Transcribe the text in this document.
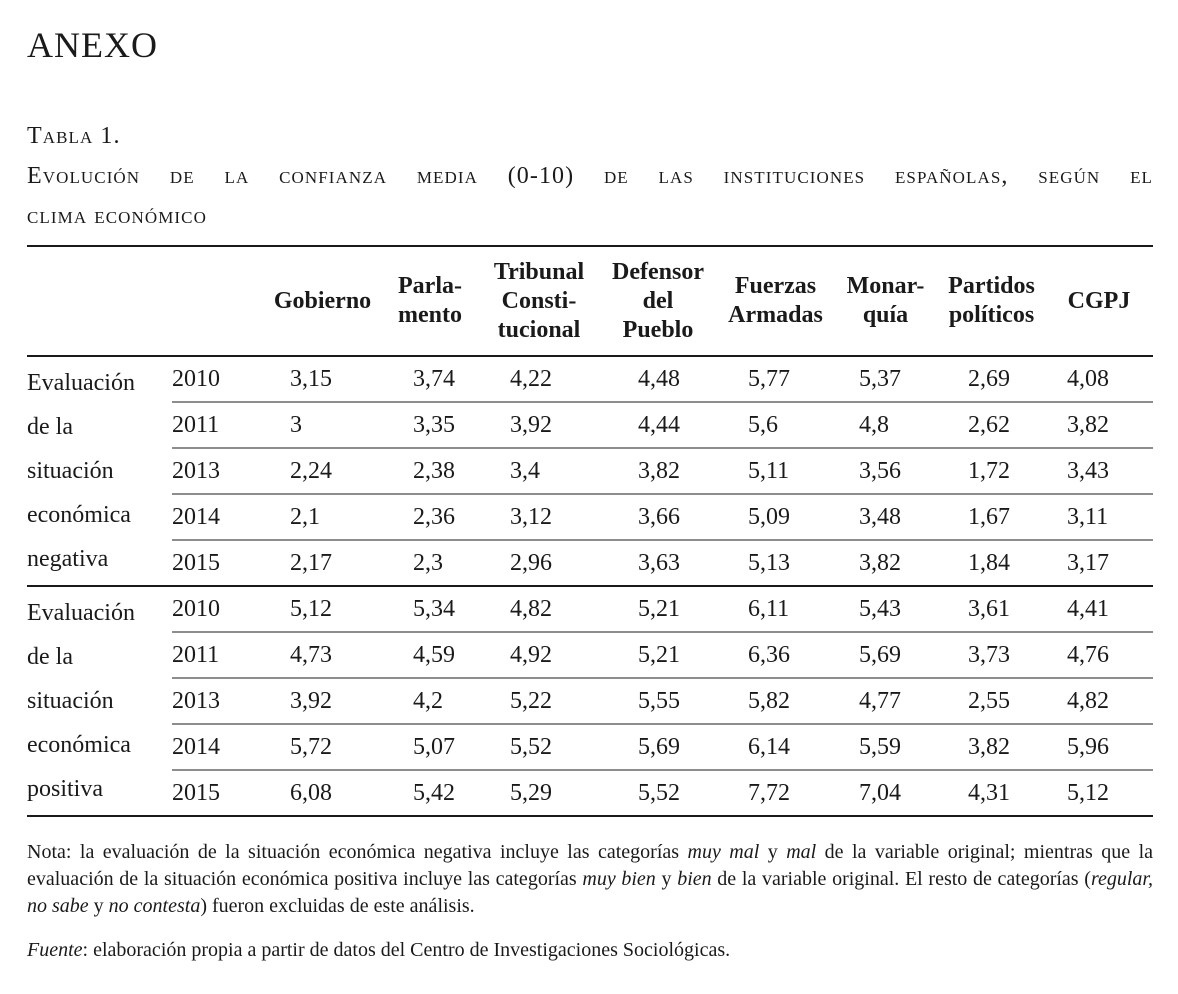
ANEXO
Tabla 1.
Evolución de la confianza media (0-10) de las instituciones españolas, según el
clima económico

		Gobierno	Parla-
mento	Tribunal
Consti-
tucional	Defensor
del
Pueblo	Fuerzas
Armadas	Monar-
quía	Partidos
políticos	CGPJ

Evaluación
de la
situación
económica
negativa	2010	3,15	3,74	4,22	4,48	5,77	5,37	2,69	4,08
	2011	3	3,35	3,92	4,44	5,6	4,8	2,62	3,82
	2013	2,24	2,38	3,4	3,82	5,11	3,56	1,72	3,43
	2014	2,1	2,36	3,12	3,66	5,09	3,48	1,67	3,11
	2015	2,17	2,3	2,96	3,63	5,13	3,82	1,84	3,17

Evaluación
de la
situación
económica
positiva	2010	5,12	5,34	4,82	5,21	6,11	5,43	3,61	4,41
	2011	4,73	4,59	4,92	5,21	6,36	5,69	3,73	4,76
	2013	3,92	4,2	5,22	5,55	5,82	4,77	2,55	4,82
	2014	5,72	5,07	5,52	5,69	6,14	5,59	3,82	5,96
	2015	6,08	5,42	5,29	5,52	7,72	7,04	4,31	5,12

Nota: la evaluación de la situación económica negativa incluye las categorías muy mal y mal de la variable original; mientras que la evaluación de la situación económica positiva incluye las categorías muy bien y bien de la variable original. El resto de categorías (regular, no sabe y no contesta) fueron excluidas de este análisis.

Fuente: elaboración propia a partir de datos del Centro de Investigaciones Sociológicas.
